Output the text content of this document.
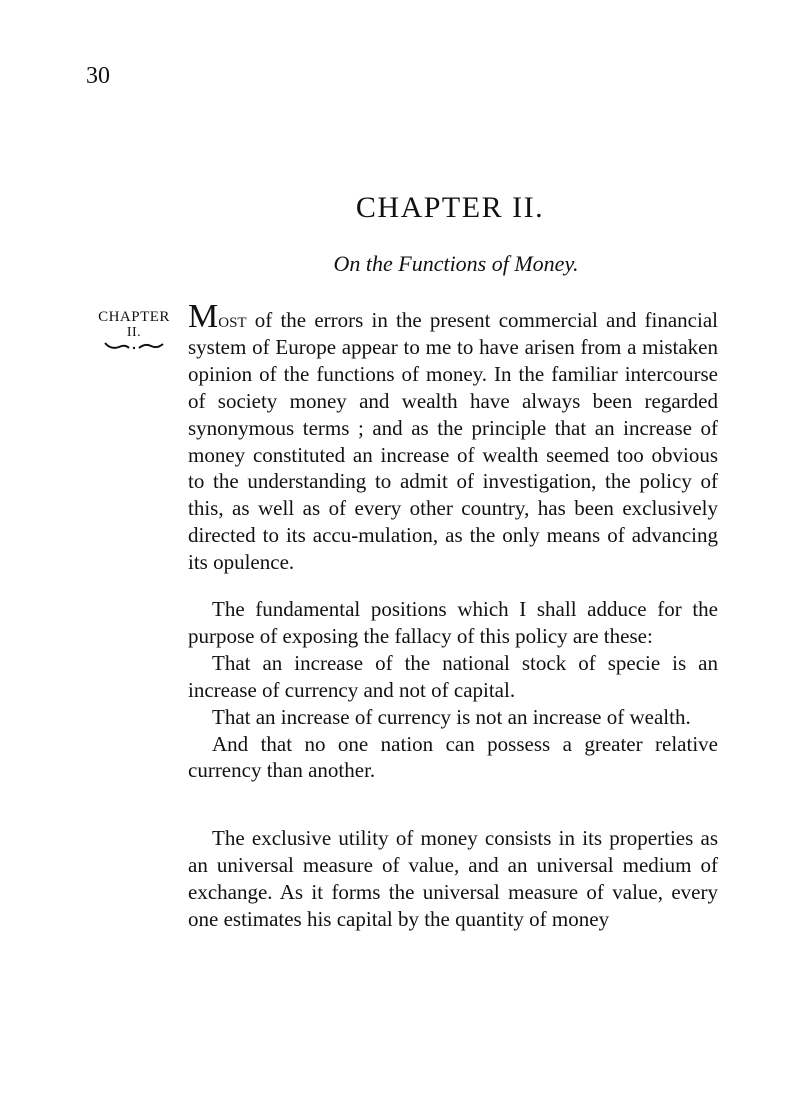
30
CHAPTER II.
On the Functions of Money.
CHAPTER
II.	Most of the errors in the present commercial and financial system of Europe appear to me to have arisen from a mistaken opinion of the functions of money. In the familiar intercourse of society money and wealth have always been regarded synonymous terms ; and as the principle that an increase of money constituted an increase of wealth seemed too obvious to the understanding to admit of investigation, the policy of this, as well as of every other country, has been exclusively directed to its accu-mulation, as the only means of advancing its opulence.

The fundamental positions which I shall adduce for the purpose of exposing the fallacy of this policy are these:

That an increase of the national stock of specie is an increase of currency and not of capital.

That an increase of currency is not an increase of wealth.

And that no one nation can possess a greater relative currency than another.

The exclusive utility of money consists in its properties as an universal measure of value, and an universal medium of exchange. As it forms the universal measure of value, every one estimates his capital by the quantity of money
